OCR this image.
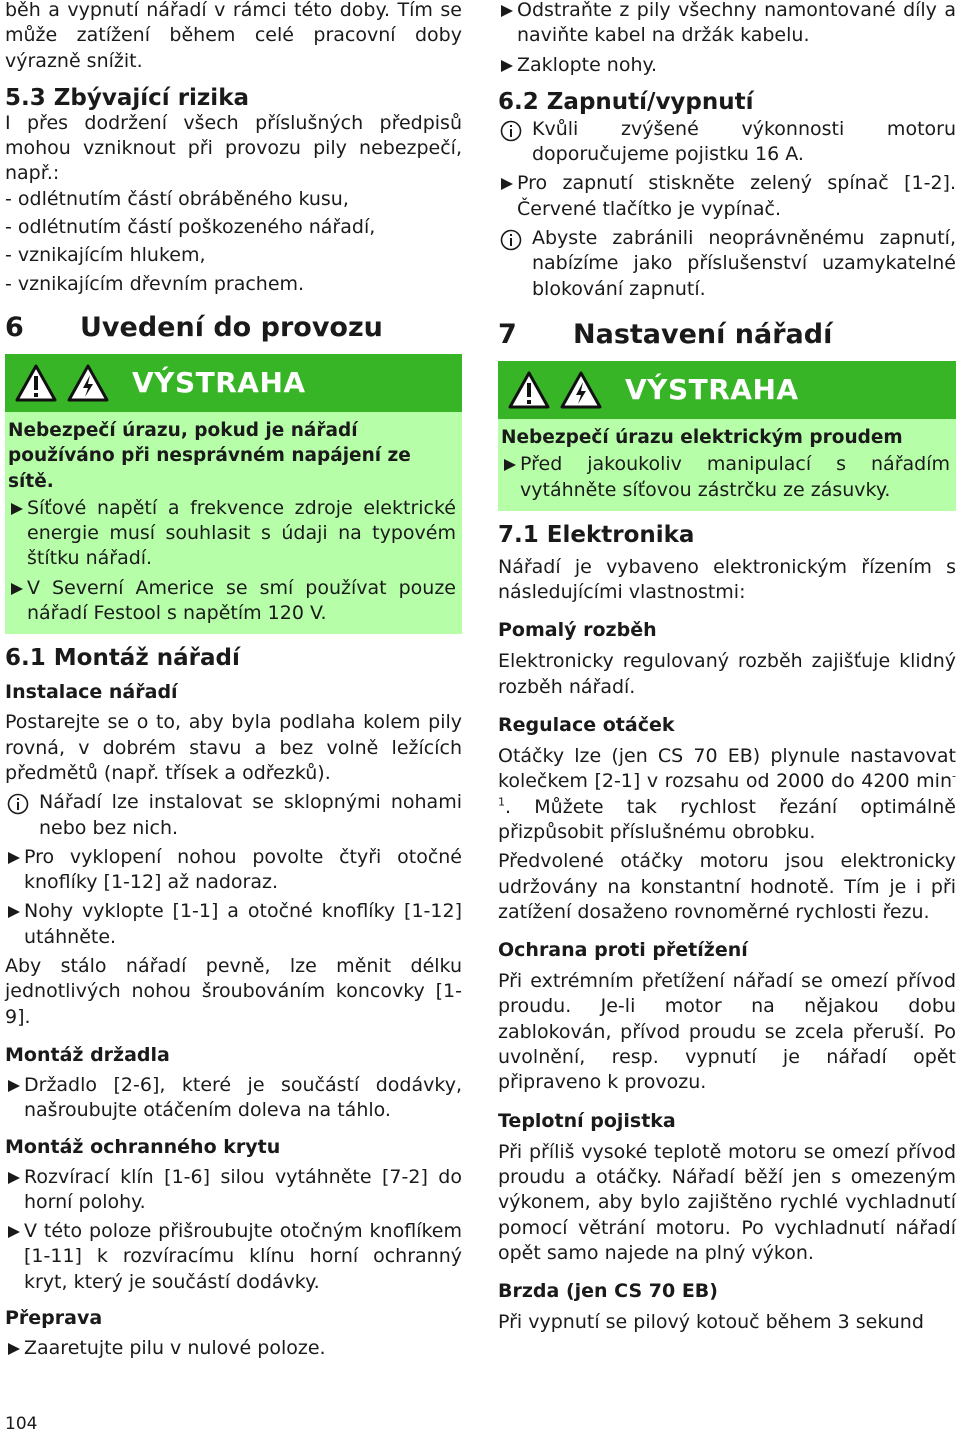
běh a vypnutí nářadí v rámci této doby. Tím se může zatížení během celé pracovní doby výrazně snížit.

5.3 Zbývající rizika

I přes dodržení všech příslušných předpisů mohou vzniknout při provozu pily nebezpečí, např.:

- odlétnutím částí obráběného kusu,

- odlétnutím částí poškozeného nářadí,

- vznikajícím hlukem,

- vznikajícím dřevním prachem.

6	Uvedení do provozu
VÝSTRAHA

Nebezpečí úrazu, pokud je nářadí používáno při nesprávném napájení ze sítě.

Síťové napětí a frekvence zdroje elektrické energie musí souhlasit s údaji na typovém štítku nářadí.
V Severní Americe se smí používat pouze nářadí Festool s napětím 120 V.

6.1 Montáž nářadí

Instalace nářadí

Postarejte se o to, aby byla podlaha kolem pily rovná, v dobrém stavu a bez volně ležících předmětů (např. třísek a odřezků).

Nářadí lze instalovat se sklopnými nohami nebo bez nich.
Pro vyklopení nohou povolte čtyři otočné knoflíky [1-12] až nadoraz.
Nohy vyklopte [1-1] a otočné knoflíky [1-12] utáhněte.

Aby stálo nářadí pevně, lze měnit délku jednotlivých nohou šroubováním koncovky [1-9].

Montáž držadla

Držadlo [2-6], které je součástí dodávky, našroubujte otáčením doleva na táhlo.

Montáž ochranného krytu

Rozvírací klín [1-6] silou vytáhněte [7-2] do horní polohy.
V této poloze přišroubujte otočným knoflíkem [1-11] k rozvíracímu klínu horní ochranný kryt, který je součástí dodávky.

Přeprava

Zaaretujte pilu v nulové poloze.
Odstraňte z pily všechny namontované díly a naviňte kabel na držák kabelu.
Zaklopte nohy.

6.2 Zapnutí/vypnutí

Kvůli zvýšené výkonnosti motoru doporučujeme pojistku 16 A.
Pro zapnutí stiskněte zelený spínač [1-2]. Červené tlačítko je vypínač.
Abyste zabránili neoprávněnému zapnutí, nabízíme jako příslušenství uzamykatelné blokování zapnutí.
7	Nastavení nářadí
VÝSTRAHA

Nebezpečí úrazu elektrickým proudem

Před jakoukoliv manipulací s nářadím vytáhněte síťovou zástrčku ze zásuvky.

7.1 Elektronika

Nářadí je vybaveno elektronickým řízením s následujícími vlastnostmi:

Pomalý rozběh

Elektronicky regulovaný rozběh zajišťuje klidný rozběh nářadí.

Regulace otáček

Otáčky lze (jen CS 70 EB) plynule nastavovat kolečkem [2-1] v rozsahu od 2000 do 4200 $\min^{-1}$. Můžete tak rychlost řezání optimálně přizpůsobit příslušnému obrobku.

Předvolené otáčky motoru jsou elektronicky udržovány na konstantní hodnotě. Tím je i při zatížení dosaženo rovnoměrné rychlosti řezu.

Ochrana proti přetížení

Při extrémním přetížení nářadí se omezí přívod proudu. Je-li motor na nějakou dobu zablokován, přívod proudu se zcela přeruší. Po uvolnění, resp. vypnutí je nářadí opět připraveno k provozu.

Teplotní pojistka

Při příliš vysoké teplotě motoru se omezí přívod proudu a otáčky. Nářadí běží jen s omezeným výkonem, aby bylo zajištěno rychlé vychladnutí pomocí větrání motoru. Po vychladnutí nářadí opět samo najede na plný výkon.

Brzda (jen CS 70 EB)

Při vypnutí se pilový kotouč během 3 sekund

104
